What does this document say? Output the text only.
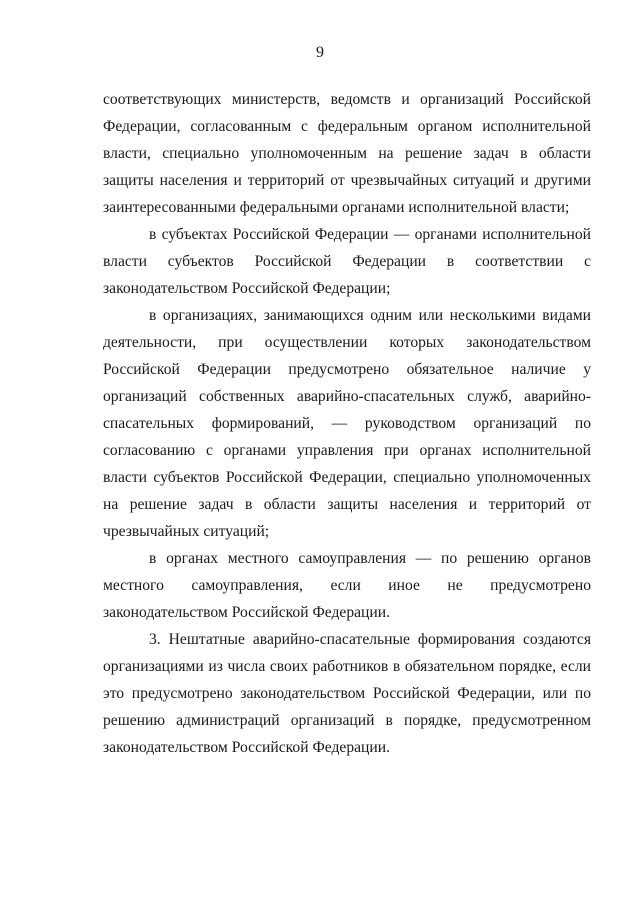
9

соответствующих министерств, ведомств и организаций Российской Федерации, согласованным с федеральным органом исполнительной власти, специально уполномоченным на решение задач в области защиты населения и территорий от чрезвычайных ситуаций и другими заинтересованными федеральными органами исполнительной власти;

в субъектах Российской Федерации — органами исполнительной власти субъектов Российской Федерации в соответствии с законодательством Российской Федерации;

в организациях, занимающихся одним или несколькими видами деятельности, при осуществлении которых законодательством Российской Федерации предусмотрено обязательное наличие у организаций собственных аварийно-спасательных служб, аварийно-спасательных формирований, — руководством организаций по согласованию с органами управления при органах исполнительной власти субъектов Российской Федерации, специально уполномоченных на решение задач в области защиты населения и территорий от чрезвычайных ситуаций;

в органах местного самоуправления — по решению органов местного самоуправления, если иное не предусмотрено законодательством Российской Федерации.

3. Нештатные аварийно-спасательные формирования создаются организациями из числа своих работников в обязательном порядке, если это предусмотрено законодательством Российской Федерации, или по решению администраций организаций в порядке, предусмотренном законодательством Российской Федерации.
